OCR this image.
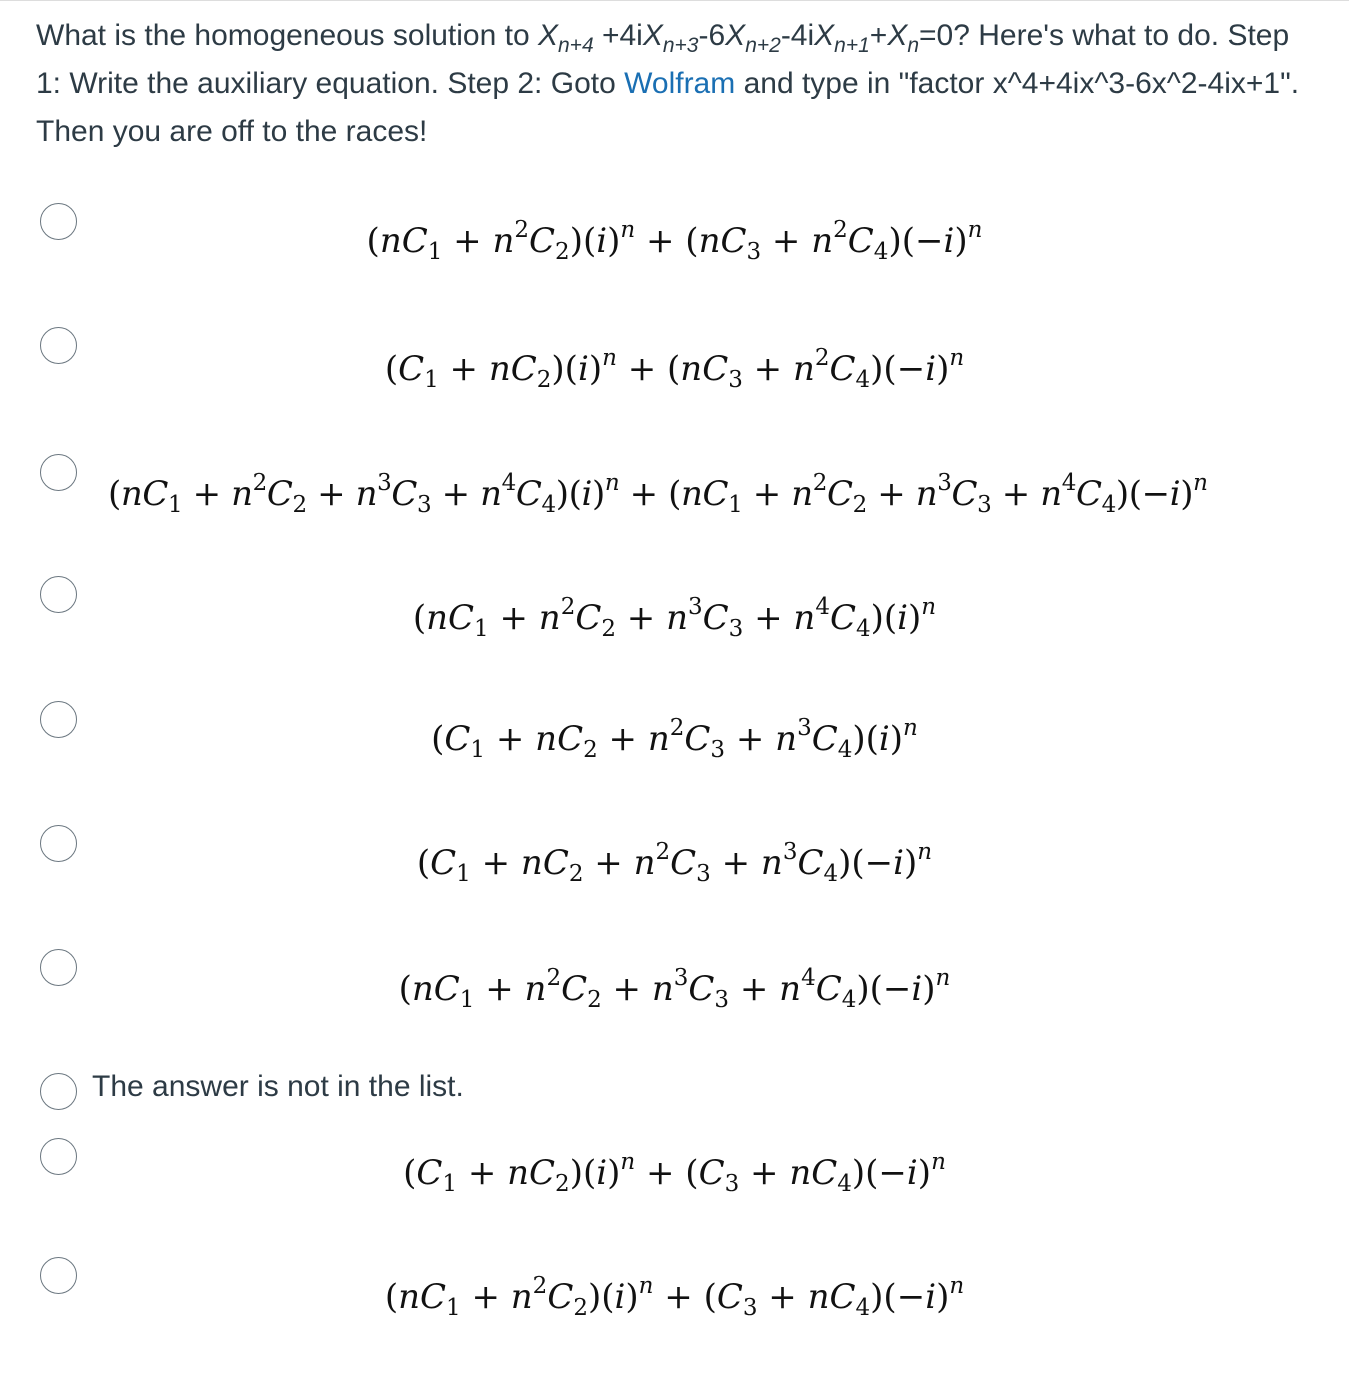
What is the homogeneous solution to $X_{n+4} +4iX_{n+3}-6X_{n+2}-4iX_{n+1}+X_n=0$? Here's what to do. Step 1: Write the auxiliary equation. Step 2: Goto Wolfram and type in "factor x^4+4ix^3-6x^2-4ix+1". Then you are off to the races!
$(nC_1 + n^2C_2)(i)^n + (nC_3 + n^2C_4)(-i)^n$
$(C_1 + nC_2)(i)^n + (nC_3 + n^2C_4)(-i)^n$
$(nC_1 + n^2C_2 + n^3C_3 + n^4C_4)(i)^n + (nC_1 + n^2C_2 + n^3C_3 + n^4C_4)(-i)^n$
$(nC_1 + n^2C_2 + n^3C_3 + n^4C_4)(i)^n$
$(C_1 + nC_2 + n^2C_3 + n^3C_4)(i)^n$
$(C_1 + nC_2 + n^2C_3 + n^3C_4)(-i)^n$
$(nC_1 + n^2C_2 + n^3C_3 + n^4C_4)(-i)^n$
The answer is not in the list.
$(C_1 + nC_2)(i)^n + (C_3 + nC_4)(-i)^n$
$(nC_1 + n^2C_2)(i)^n + (C_3 + nC_4)(-i)^n$
